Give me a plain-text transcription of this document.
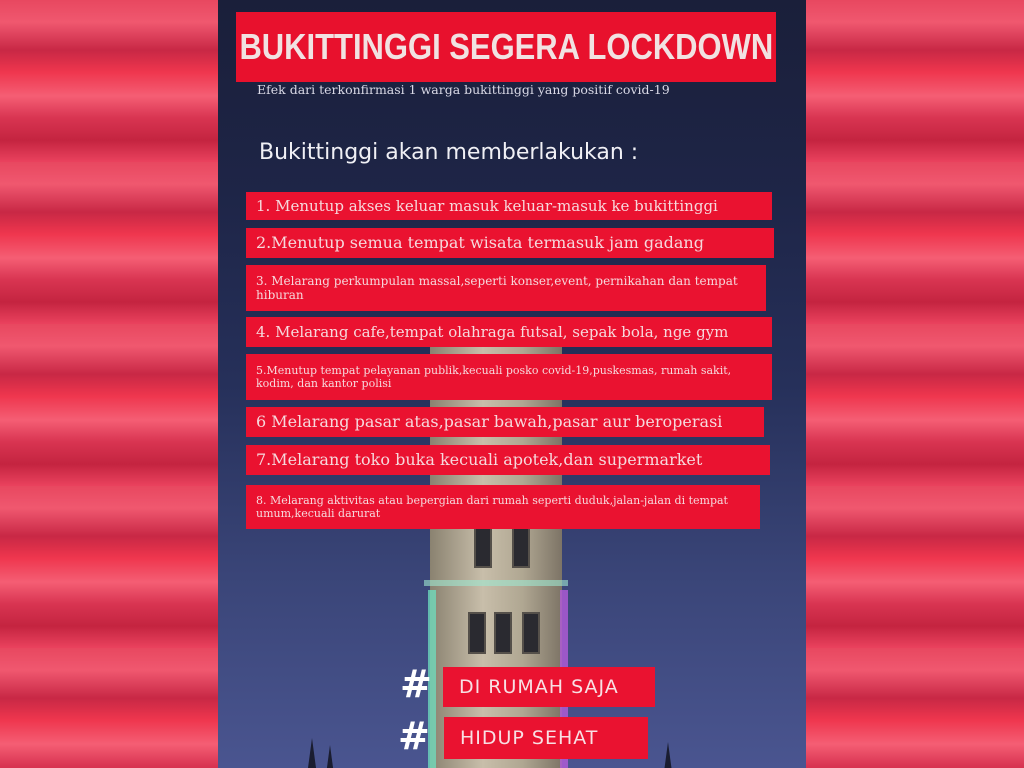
BUKITTINGGI SEGERA LOCKDOWN
Efek dari terkonfirmasi 1 warga bukittinggi yang positif covid-19
Bukittinggi akan memberlakukan :
1. Menutup akses keluar masuk keluar-masuk ke bukittinggi
2.Menutup semua tempat wisata termasuk jam gadang
3. Melarang perkumpulan massal,seperti konser,event, pernikahan dan tempat hiburan
4. Melarang cafe,tempat olahraga futsal, sepak bola, nge gym
5.Menutup tempat pelayanan publik,kecuali posko covid-19,puskesmas, rumah sakit, kodim, dan kantor polisi
6 Melarang pasar atas,pasar bawah,pasar aur beroperasi
7.Melarang toko buka kecuali apotek,dan supermarket
8. Melarang aktivitas atau bepergian dari rumah seperti duduk,jalan-jalan di tempat umum,kecuali darurat
#	DI RUMAH SAJA
#	HIDUP SEHAT
